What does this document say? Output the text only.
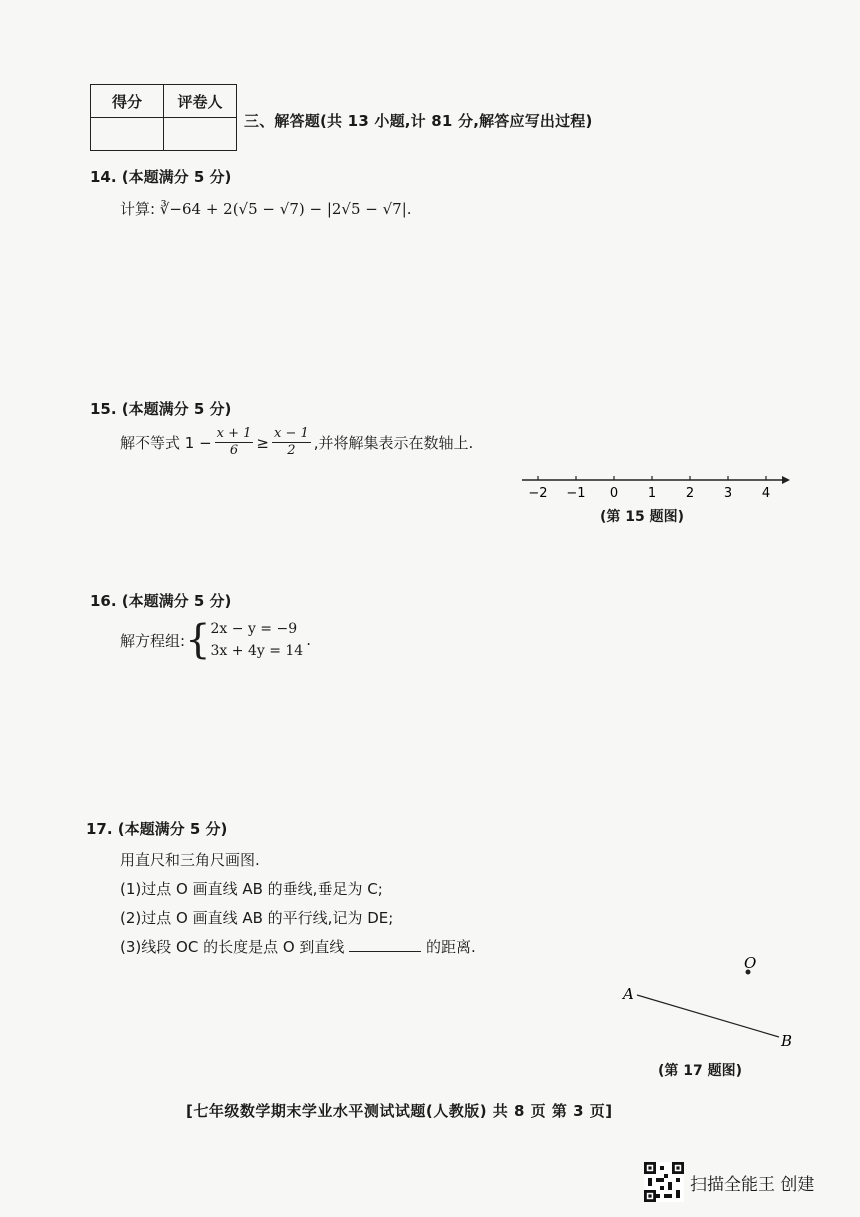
得分	评卷人

三、解答题(共 13 小题,计 81 分,解答应写出过程)
14. (本题满分 5 分)
计算: ∛−64 + 2(√5 − √7) − |2√5 − √7|.
15. (本题满分 5 分)
解不等式 $1 - \frac{x + 1}{6} \ge \frac{x - 1}{2}$ ,并将解集表示在数轴上.
−2 −1 0 1 2 3 4
(第 15 题图)
16. (本题满分 5 分)
解方程组: { 2x − y = −9
3x + 4y = 14
.
17. (本题满分 5 分)
用直尺和三角尺画图.
(1)过点 O 画直线 AB 的垂线,垂足为 C;
(2)过点 O 画直线 AB 的平行线,记为 DE;
(3)线段 OC 的长度是点 O 到直线	的距离.
O
A
B
(第 17 题图)
[七年级数学期末学业水平测试试题(人教版) 共 8 页 第 3 页]
扫描全能王 创建
